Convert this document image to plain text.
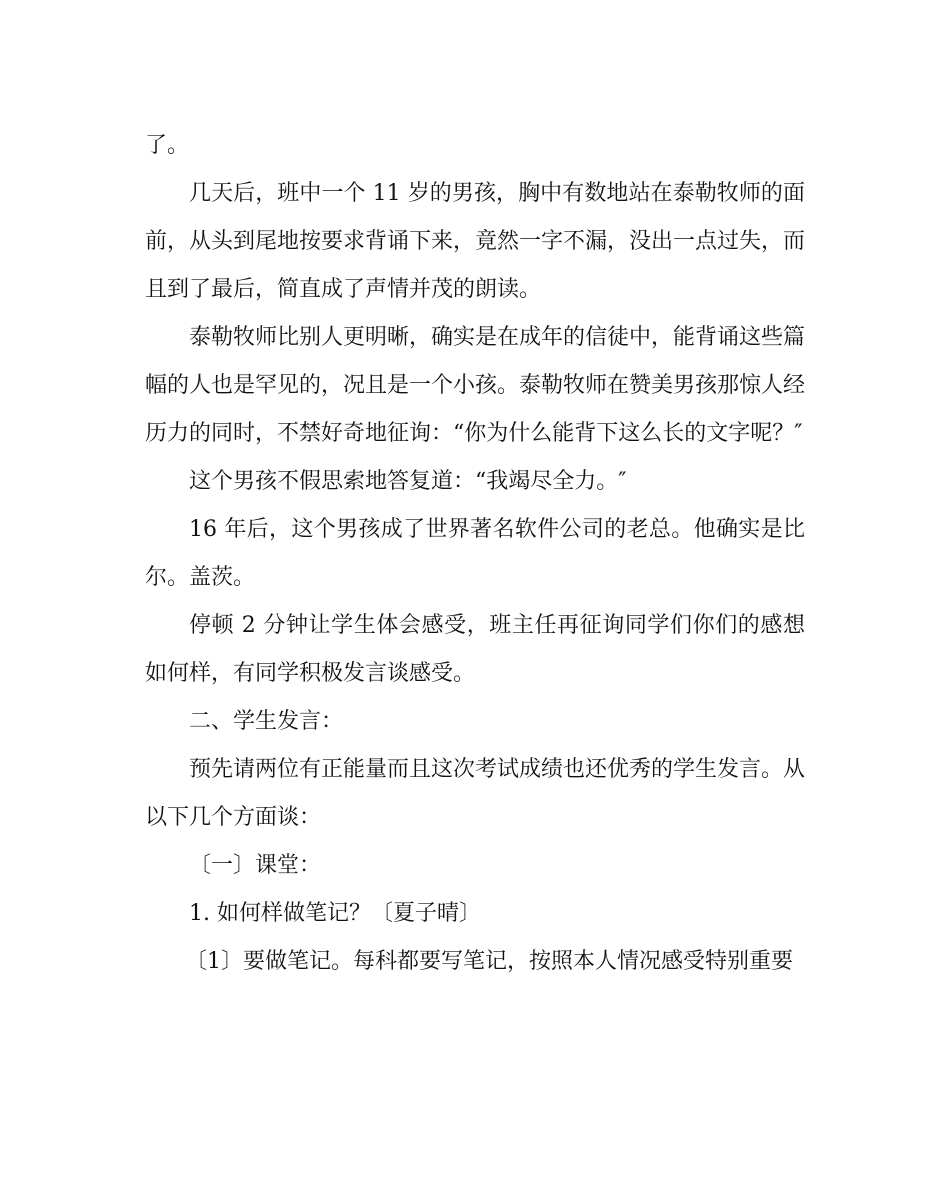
了。

几天后，班中一个 11 岁的男孩，胸中有数地站在泰勒牧师的面前，从头到尾地按要求背诵下来，竟然一字不漏，没出一点过失，而且到了最后，简直成了声情并茂的朗读。

泰勒牧师比别人更明晰，确实是在成年的信徒中，能背诵这些篇幅的人也是罕见的，况且是一个小孩。泰勒牧师在赞美男孩那惊人经历力的同时，不禁好奇地征询：“你为什么能背下这么长的文字呢？″

这个男孩不假思索地答复道：“我竭尽全力。″

16 年后，这个男孩成了世界著名软件公司的老总。他确实是比尔。盖茨。

停顿 2 分钟让学生体会感受，班主任再征询同学们你们的感想如何样，有同学积极发言谈感受。

二、学生发言：

预先请两位有正能量而且这次考试成绩也还优秀的学生发言。从以下几个方面谈：

〔一〕课堂：

1. 如何样做笔记？〔夏子晴〕

〔1〕要做笔记。每科都要写笔记，按照本人情况感受特别重要
